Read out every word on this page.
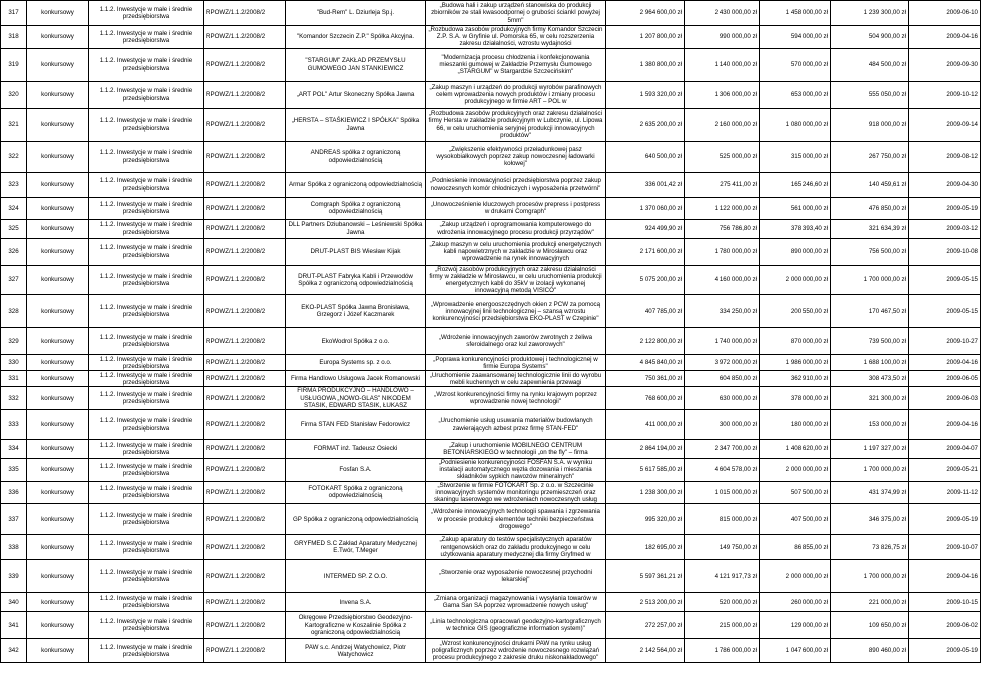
317	konkursowy	1.1.2. Inwestycje w małe i średnie przedsiębiorstwa	RPOWZ/1.1.2/2008/2	"Bud-Rem" L. Dziurleja Sp.j.	„Budowa hali i zakup urządzeń stanowiska do produkcji zbiorników ze stali kwasoodpornej o grubości ściankI powyżej 5mm"	2 964 600,00 zł	2 430 000,00 zł	1 458 000,00 zł	1 239 300,00 zł	2009-06-10
318	konkursowy	1.1.2. Inwestycje w małe i średnie przedsiębiorstwa	RPOWZ/1.1.2/2008/2	"Komandor Szczecin Z.P." Spółka Akcyjna.	„Rozbudowa zasobów produkcyjnych firmy Komandor Szczecin Z.P. S.A. w Gryfinie ul. Pomorska 65, w celu rozszerzenia zakresu działalności, wzrostu wydajności	1 207 800,00 zł	990 000,00 zł	594 000,00 zł	504 900,00 zł	2009-04-16
319	konkursowy	1.1.2. Inwestycje w małe i średnie przedsiębiorstwa	RPOWZ/1.1.2/2008/2	"STARGUM" ZAKŁAD PRZEMYSŁU GUMOWEGO JAN STANKIEWICZ	"Modernizacja procesu chłodzenia i konfekcjonowania mieszanki gumowej w Zakładzie Przemysłu Gumowego „STARGUM" w Stargardzie Szczecińskim"	1 380 800,00 zł	1 140 000,00 zł	570 000,00 zł	484 500,00 zł	2009-09-30
320	konkursowy	1.1.2. Inwestycje w małe i średnie przedsiębiorstwa	RPOWZ/1.1.2/2008/2	„ART POL" Artur Skoneczny Spółka Jawna	„Zakup maszyn i urządzeń do produkcji wyrobów parafinowych celem wprowadzenia nowych produktów i zmiany procesu produkcyjnego w firmie ART – POL w	1 593 320,00 zł	1 306 000,00 zł	653 000,00 zł	555 050,00 zł	2009-10-12
321	konkursowy	1.1.2. Inwestycje w małe i średnie przedsiębiorstwa	RPOWZ/1.1.2/2008/2	„HERSTA – STAŚKIEWICZ I SPÓŁKA" Spółka Jawna	„Rozbudowa zasobów produkcyjnych oraz zakresu działalności firmy Hersta w zakładzie produkcyjnym w Lubczynie, ul. Lipowa 66, w celu uruchomienia seryjnej produkcji innowacyjnych produktów"	2 635 200,00 zł	2 160 000,00 zł	1 080 000,00 zł	918 000,00 zł	2009-09-14
322	konkursowy	1.1.2. Inwestycje w małe i średnie przedsiębiorstwa	RPOWZ/1.1.2/2008/2	ANDREAS spółka z ograniczoną odpowiedzialnością	„Zwiększenie efektywności przeładunkowej pasz wysokobiałkowych poprzez zakup nowoczesnej ładowarki kołowej"	640 500,00 zł	525 000,00 zł	315 000,00 zł	267 750,00 zł	2009-08-12
323	konkursowy	1.1.2. Inwestycje w małe i średnie przedsiębiorstwa	RPOWZ/1.1.2/2008/2	Armar Spółka z ograniczoną odpowiedzialnością	„Podniesienie innowacyjności przedsiębiorstwa poprzez zakup nowoczesnych komór chłodniczych i wyposażenia przetwórni"	336 001,42 zł	275 411,00 zł	165 246,60 zł	140 459,61 zł	2009-04-30
324	konkursowy	1.1.2. Inwestycje w małe i średnie przedsiębiorstwa	RPOWZ/1.1.2/2008/2	Comgraph Spółka z ograniczoną odpowiedzialnością	„Unowocześnienie kluczowych procesów prepress i postpress w drukarni Comgraph"	1 370 060,00 zł	1 122 000,00 zł	561 000,00 zł	476 850,00 zł	2009-05-19
325	konkursowy	1.1.2. Inwestycje w małe i średnie przedsiębiorstwa	RPOWZ/1.1.2/2008/2	DLL Partners Dziubanowski – Leśniewski Spółka Jawna	„Zakup urządzeń i oprogramowania komputerowego do wdrożenia innowacyjnego procesu produkcji przyrządów"	924 499,90 zł	756 786,80 zł	378 393,40 zł	321 634,39 zł	2009-03-12
326	konkursowy	1.1.2. Inwestycje w małe i średnie przedsiębiorstwa	RPOWZ/1.1.2/2008/2	DRUT-PLAST BIS Wiesław Kijak	„Zakup maszyn w celu uruchomienia produkcji energetycznych kabli napowietrznych w zakładzie w Mirosławcu oraz wprowadzenie na rynek innowacyjnych	2 171 600,00 zł	1 780 000,00 zł	890 000,00 zł	756 500,00 zł	2009-10-08
327	konkursowy	1.1.2. Inwestycje w małe i średnie przedsiębiorstwa	RPOWZ/1.1.2/2008/2	DRUT-PLAST Fabryka Kabli i Przewodów Spółka z ograniczoną odpowiedzialnością	„Rozwój zasobów produkcyjnych oraz zakresu działalności firmy w zakładzie w Mirosławcu, w celu uruchomienia produkcji energetycznych kabli do 35kV w izolacji wykonanej innowacyjną metodą VISICO"	5 075 200,00 zł	4 160 000,00 zł	2 000 000,00 zł	1 700 000,00 zł	2009-05-15
328	konkursowy	1.1.2. Inwestycje w małe i średnie przedsiębiorstwa	RPOWZ/1.1.2/2008/2	EKO-PLAST Spółka Jawna Bronisława, Grzegorz i Józef Kaczmarek	„Wprowadzenie energooszczędnych okien z PCW za pomocą innowacyjnej linii technologicznej – szansą wzrostu konkurencyjności przedsiębiorstwa EKO-PLAST w Czepinie"	407 785,00 zł	334 250,00 zł	200 550,00 zł	170 467,50 zł	2009-05-15
329	konkursowy	1.1.2. Inwestycje w małe i średnie przedsiębiorstwa	RPOWZ/1.1.2/2008/2	EkoWodrol Spółka z o.o.	„Wdrożenie innowacyjnych zaworów zwrotnych z żeliwa sferoidalnego oraz kul zaworowych"	2 122 800,00 zł	1 740 000,00 zł	870 000,00 zł	739 500,00 zł	2009-10-27
330	konkursowy	1.1.2. Inwestycje w małe i średnie przedsiębiorstwa	RPOWZ/1.1.2/2008/2	Europa Systems sp. z o.o.	„Poprawa konkurencyjności produktowej i technologicznej w firmie Europa Systems"	4 845 840,00 zł	3 972 000,00 zł	1 986 000,00 zł	1 688 100,00 zł	2009-04-16
331	konkursowy	1.1.2. Inwestycje w małe i średnie przedsiębiorstwa	RPOWZ/1.1.2/2008/2	Firma Handlowo Usługowa Jacek Romanowski	„Uruchomienie zaawansowanej technologicznie linii do wyrobu mebli kuchennych w celu zapewnienia przewagi	750 361,00 zł	604 850,00 zł	362 910,00 zł	308 473,50 zł	2009-06-05
332	konkursowy	1.1.2. Inwestycje w małe i średnie przedsiębiorstwa	RPOWZ/1.1.2/2008/2	FIRMA PRODUKCYJNO – HANDLOWO – USŁUGOWA „NOWO-GLAS" NIKODEM STASIK, EDWARD STASIK, ŁUKASZ	„Wzrost konkurencyjności firmy na rynku krajowym poprzez wprowadzenie nowej technologii"	768 600,00 zł	630 000,00 zł	378 000,00 zł	321 300,00 zł	2009-06-03
333	konkursowy	1.1.2. Inwestycje w małe i średnie przedsiębiorstwa	RPOWZ/1.1.2/2008/2	Firma STAN FED Stanisław Fedorowicz	„Uruchomienie usług usuwania materiałów budowlanych zawierających azbest przez firmę STAN-FED"	411 000,00 zł	300 000,00 zł	180 000,00 zł	153 000,00 zł	2009-04-16
334	konkursowy	1.1.2. Inwestycje w małe i średnie przedsiębiorstwa	RPOWZ/1.1.2/2008/2	FORMAT inż. Tadeusz Osiecki	„Zakup i uruchomienie MOBILNEGO CENTRUM BETONIARSKIEGO w technologii „on the fly" – firma	2 864 194,00 zł	2 347 700,00 zł	1 408 620,00 zł	1 197 327,00 zł	2009-04-07
335	konkursowy	1.1.2. Inwestycje w małe i średnie przedsiębiorstwa	RPOWZ/1.1.2/2008/2	Fosfan S.A.	„Podniesienie konkurencyjności FOSFAN S.A. w wyniku instalacji automatycznego węzła dozowania i mieszania składników sypkich nawozów mineralnych"	5 617 585,00 zł	4 604 578,00 zł	2 000 000,00 zł	1 700 000,00 zł	2009-05-21
336	konkursowy	1.1.2. Inwestycje w małe i średnie przedsiębiorstwa	RPOWZ/1.1.2/2008/2	FOTOKART Spółka z ograniczoną odpowiedzialnością	„Stworzenie w firmie FOTOKART Sp. z o.o. w Szczecinie innowacyjnych systemów monitoringu przemieszczeń oraz skaningu laserowego we wdrożeniach nowoczesnych usług	1 238 300,00 zł	1 015 000,00 zł	507 500,00 zł	431 374,99 zł	2009-11-12
337	konkursowy	1.1.2. Inwestycje w małe i średnie przedsiębiorstwa	RPOWZ/1.1.2/2008/2	GP Spółka z ograniczoną odpowiedzialnością	„Wdrożenie innowacyjnych technologii spawania i zgrzewania w procesie produkcji elementów techniki bezpieczeństwa drogowego"	995 320,00 zł	815 000,00 zł	407 500,00 zł	346 375,00 zł	2009-05-19
338	konkursowy	1.1.2. Inwestycje w małe i średnie przedsiębiorstwa	RPOWZ/1.1.2/2008/2	GRYFMED S.C Zakład Aparatury Medycznej E.Twór, T.Meger	„Zakup aparatury do testów specjalistycznych aparatów rentgenowskich oraz do zakładu produkcyjnego w celu użytkowania aparatury medycznej dla firmy Gryfmed w	182 695,00 zł	149 750,00 zł	86 855,00 zł	73 826,75 zł	2009-10-07
339	konkursowy	1.1.2. Inwestycje w małe i średnie przedsiębiorstwa	RPOWZ/1.1.2/2008/2	INTERMED SP. Z O.O.	„Stworzenie oraz wyposażenie nowoczesnej przychodni lekarskiej"	5 597 361,21 zł	4 121 917,73 zł	2 000 000,00 zł	1 700 000,00 zł	2009-04-16
340	konkursowy	1.1.2. Inwestycje w małe i średnie przedsiębiorstwa	RPOWZ/1.1.2/2008/2	Invena S.A.	„Zmiana organizacji magazynowania i wysyłania towarów w Gama San SA poprzez wprowadzenie nowych usług"	2 513 200,00 zł	520 000,00 zł	260 000,00 zł	221 000,00 zł	2009-10-15
341	konkursowy	1.1.2. Inwestycje w małe i średnie przedsiębiorstwa	RPOWZ/1.1.2/2008/2	Okręgowe Przedsiębiorstwo Geodezyjno-Kartograficzne w Koszalinie Spółka z ograniczoną odpowiedzialnością	„Linia technologiczna opracowań geodezyjno-kartograficznych w technice GIS (geograficzne information system)"	272 257,00 zł	215 000,00 zł	129 000,00 zł	109 650,00 zł	2009-06-02
342	konkursowy	1.1.2. Inwestycje w małe i średnie przedsiębiorstwa	RPOWZ/1.1.2/2008/2	PAW s.c. Andrzej Watychowicz, Piotr Watychowicz	„Wzrost konkurencyjności drukarni PAW na rynku usług poligraficznych poprzez wdrożenie nowoczesnego rozwiązań procesu produkcyjnego z zakresie druku niskonakładowego"	2 142 564,00 zł	1 786 000,00 zł	1 047 600,00 zł	890 460,00 zł	2009-05-19
